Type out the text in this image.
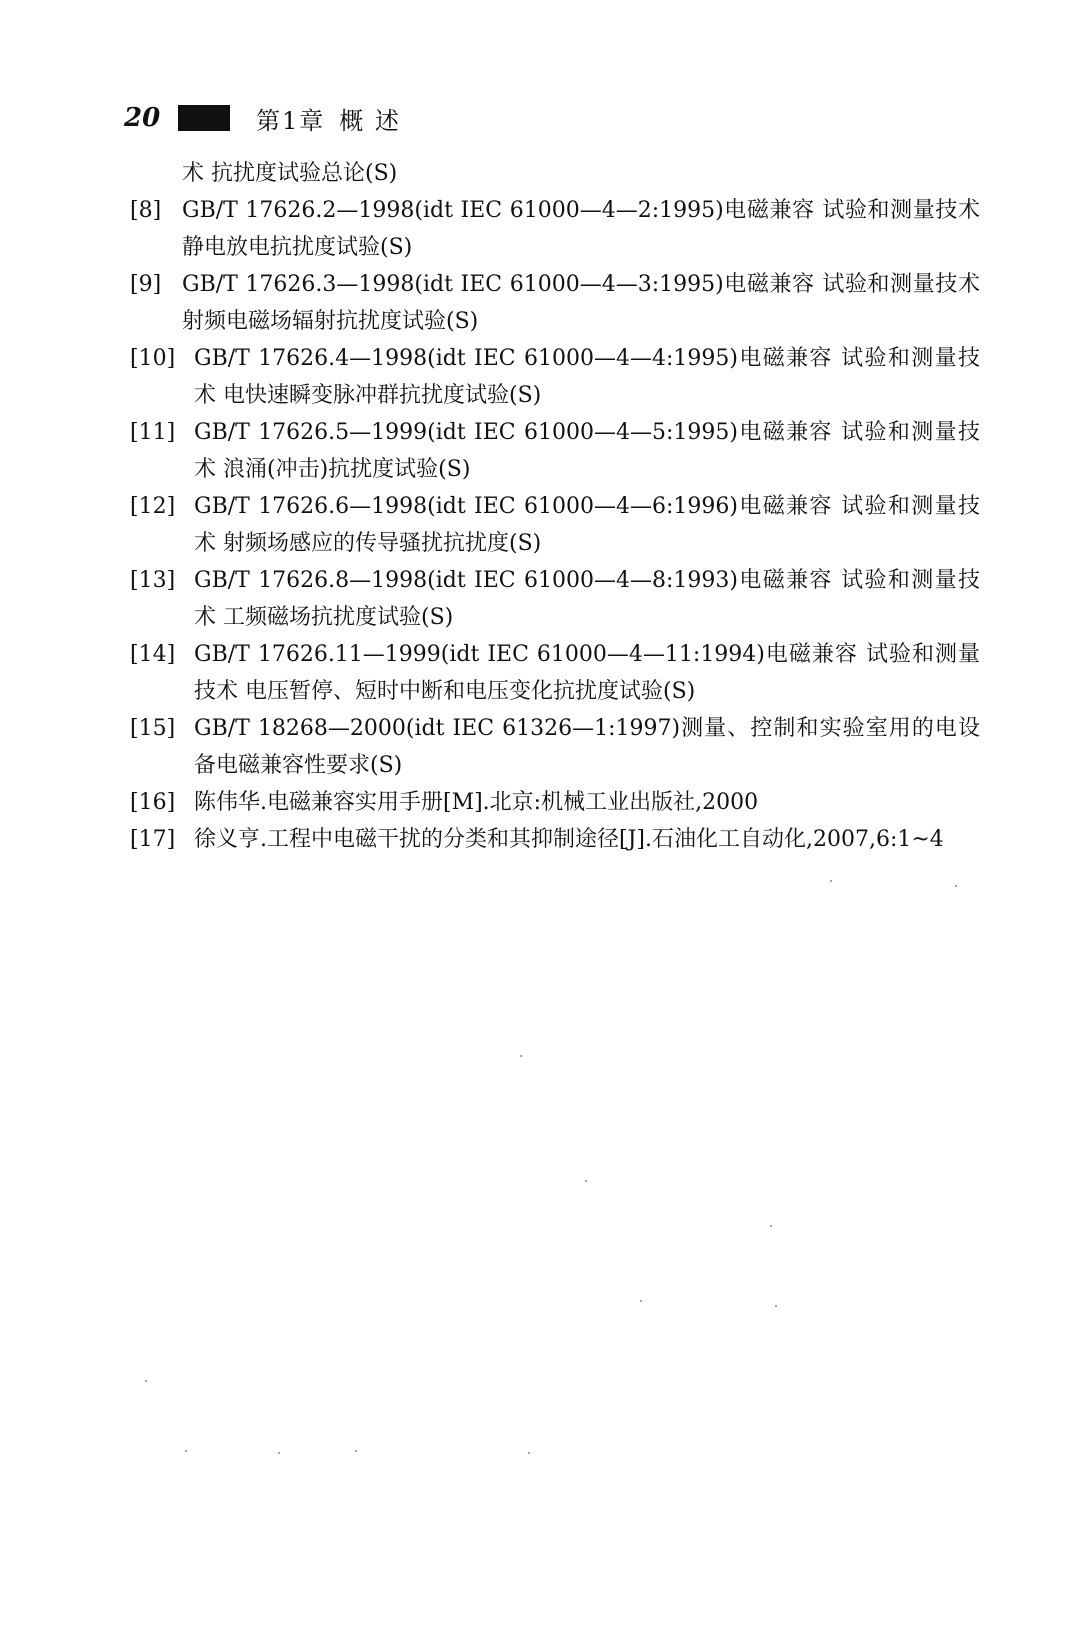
20	第1章 概 述
术 抗扰度试验总论(S)
[8] GB/T 17626.2—1998(idt IEC 61000—4—2:1995)电磁兼容 试验和测量技术 静电放电抗扰度试验(S)
[9] GB/T 17626.3—1998(idt IEC 61000—4—3:1995)电磁兼容 试验和测量技术 射频电磁场辐射抗扰度试验(S)
[10] GB/T 17626.4—1998(idt IEC 61000—4—4:1995)电磁兼容 试验和测量技术 电快速瞬变脉冲群抗扰度试验(S)
[11] GB/T 17626.5—1999(idt IEC 61000—4—5:1995)电磁兼容 试验和测量技术 浪涌(冲击)抗扰度试验(S)
[12] GB/T 17626.6—1998(idt IEC 61000—4—6:1996)电磁兼容 试验和测量技术 射频场感应的传导骚扰抗扰度(S)
[13] GB/T 17626.8—1998(idt IEC 61000—4—8:1993)电磁兼容 试验和测量技术 工频磁场抗扰度试验(S)
[14] GB/T 17626.11—1999(idt IEC 61000—4—11:1994)电磁兼容 试验和测量技术 电压暂停、短时中断和电压变化抗扰度试验(S)
[15] GB/T 18268—2000(idt IEC 61326—1:1997)测量、控制和实验室用的电设备电磁兼容性要求(S)
[16] 陈伟华.电磁兼容实用手册[M].北京:机械工业出版社,2000
[17] 徐义亨.工程中电磁干扰的分类和其抑制途径[J].石油化工自动化,2007,6:1~4
